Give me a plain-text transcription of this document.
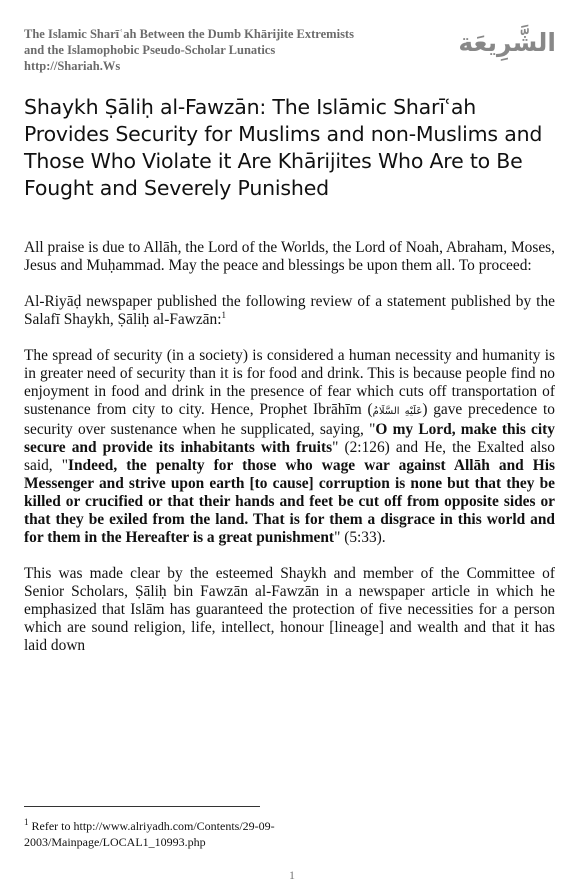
The Islamic Sharīʿah Between the Dumb Khārijite Extremists
and the Islamophobic Pseudo-Scholar Lunatics
http://Shariah.Ws
الشَّرِيعَة
Shaykh Ṣāliḥ al-Fawzān: The Islāmic Sharīʿah Provides Security for Muslims and non-Muslims and Those Who Violate it Are Khārijites Who Are to Be Fought and Severely Punished

All praise is due to Allāh, the Lord of the Worlds, the Lord of Noah, Abraham, Moses, Jesus and Muḥammad. May the peace and blessings be upon them all. To proceed:

Al-Riyāḍ newspaper published the following review of a statement published by the Salafī Shaykh, Ṣāliḥ al-Fawzān:$^1$

The spread of security (in a society) is considered a human necessity and humanity is in greater need of security than it is for food and drink. This is because people find no enjoyment in food and drink in the presence of fear which cuts off transportation of sustenance from city to city. Hence, Prophet Ibrāhīm (عَلَيْهِ السَّلَامُ) gave precedence to security over sustenance when he supplicated, saying, "O my Lord, make this city secure and provide its inhabitants with fruits" (2:126) and He, the Exalted also said, "Indeed, the penalty for those who wage war against Allāh and His Messenger and strive upon earth [to cause] corruption is none but that they be killed or crucified or that their hands and feet be cut off from opposite sides or that they be exiled from the land. That is for them a disgrace in this world and for them in the Hereafter is a great punishment" (5:33).

This was made clear by the esteemed Shaykh and member of the Committee of Senior Scholars, Ṣāliḥ bin Fawzān al-Fawzān in a newspaper article in which he emphasized that Islām has guaranteed the protection of five necessities for a person which are sound religion, life, intellect, honour [lineage] and wealth and that it has laid down

$^1$ Refer to http://www.alriyadh.com/Contents/29-09-2003/Mainpage/LOCAL1_10993.php
1
